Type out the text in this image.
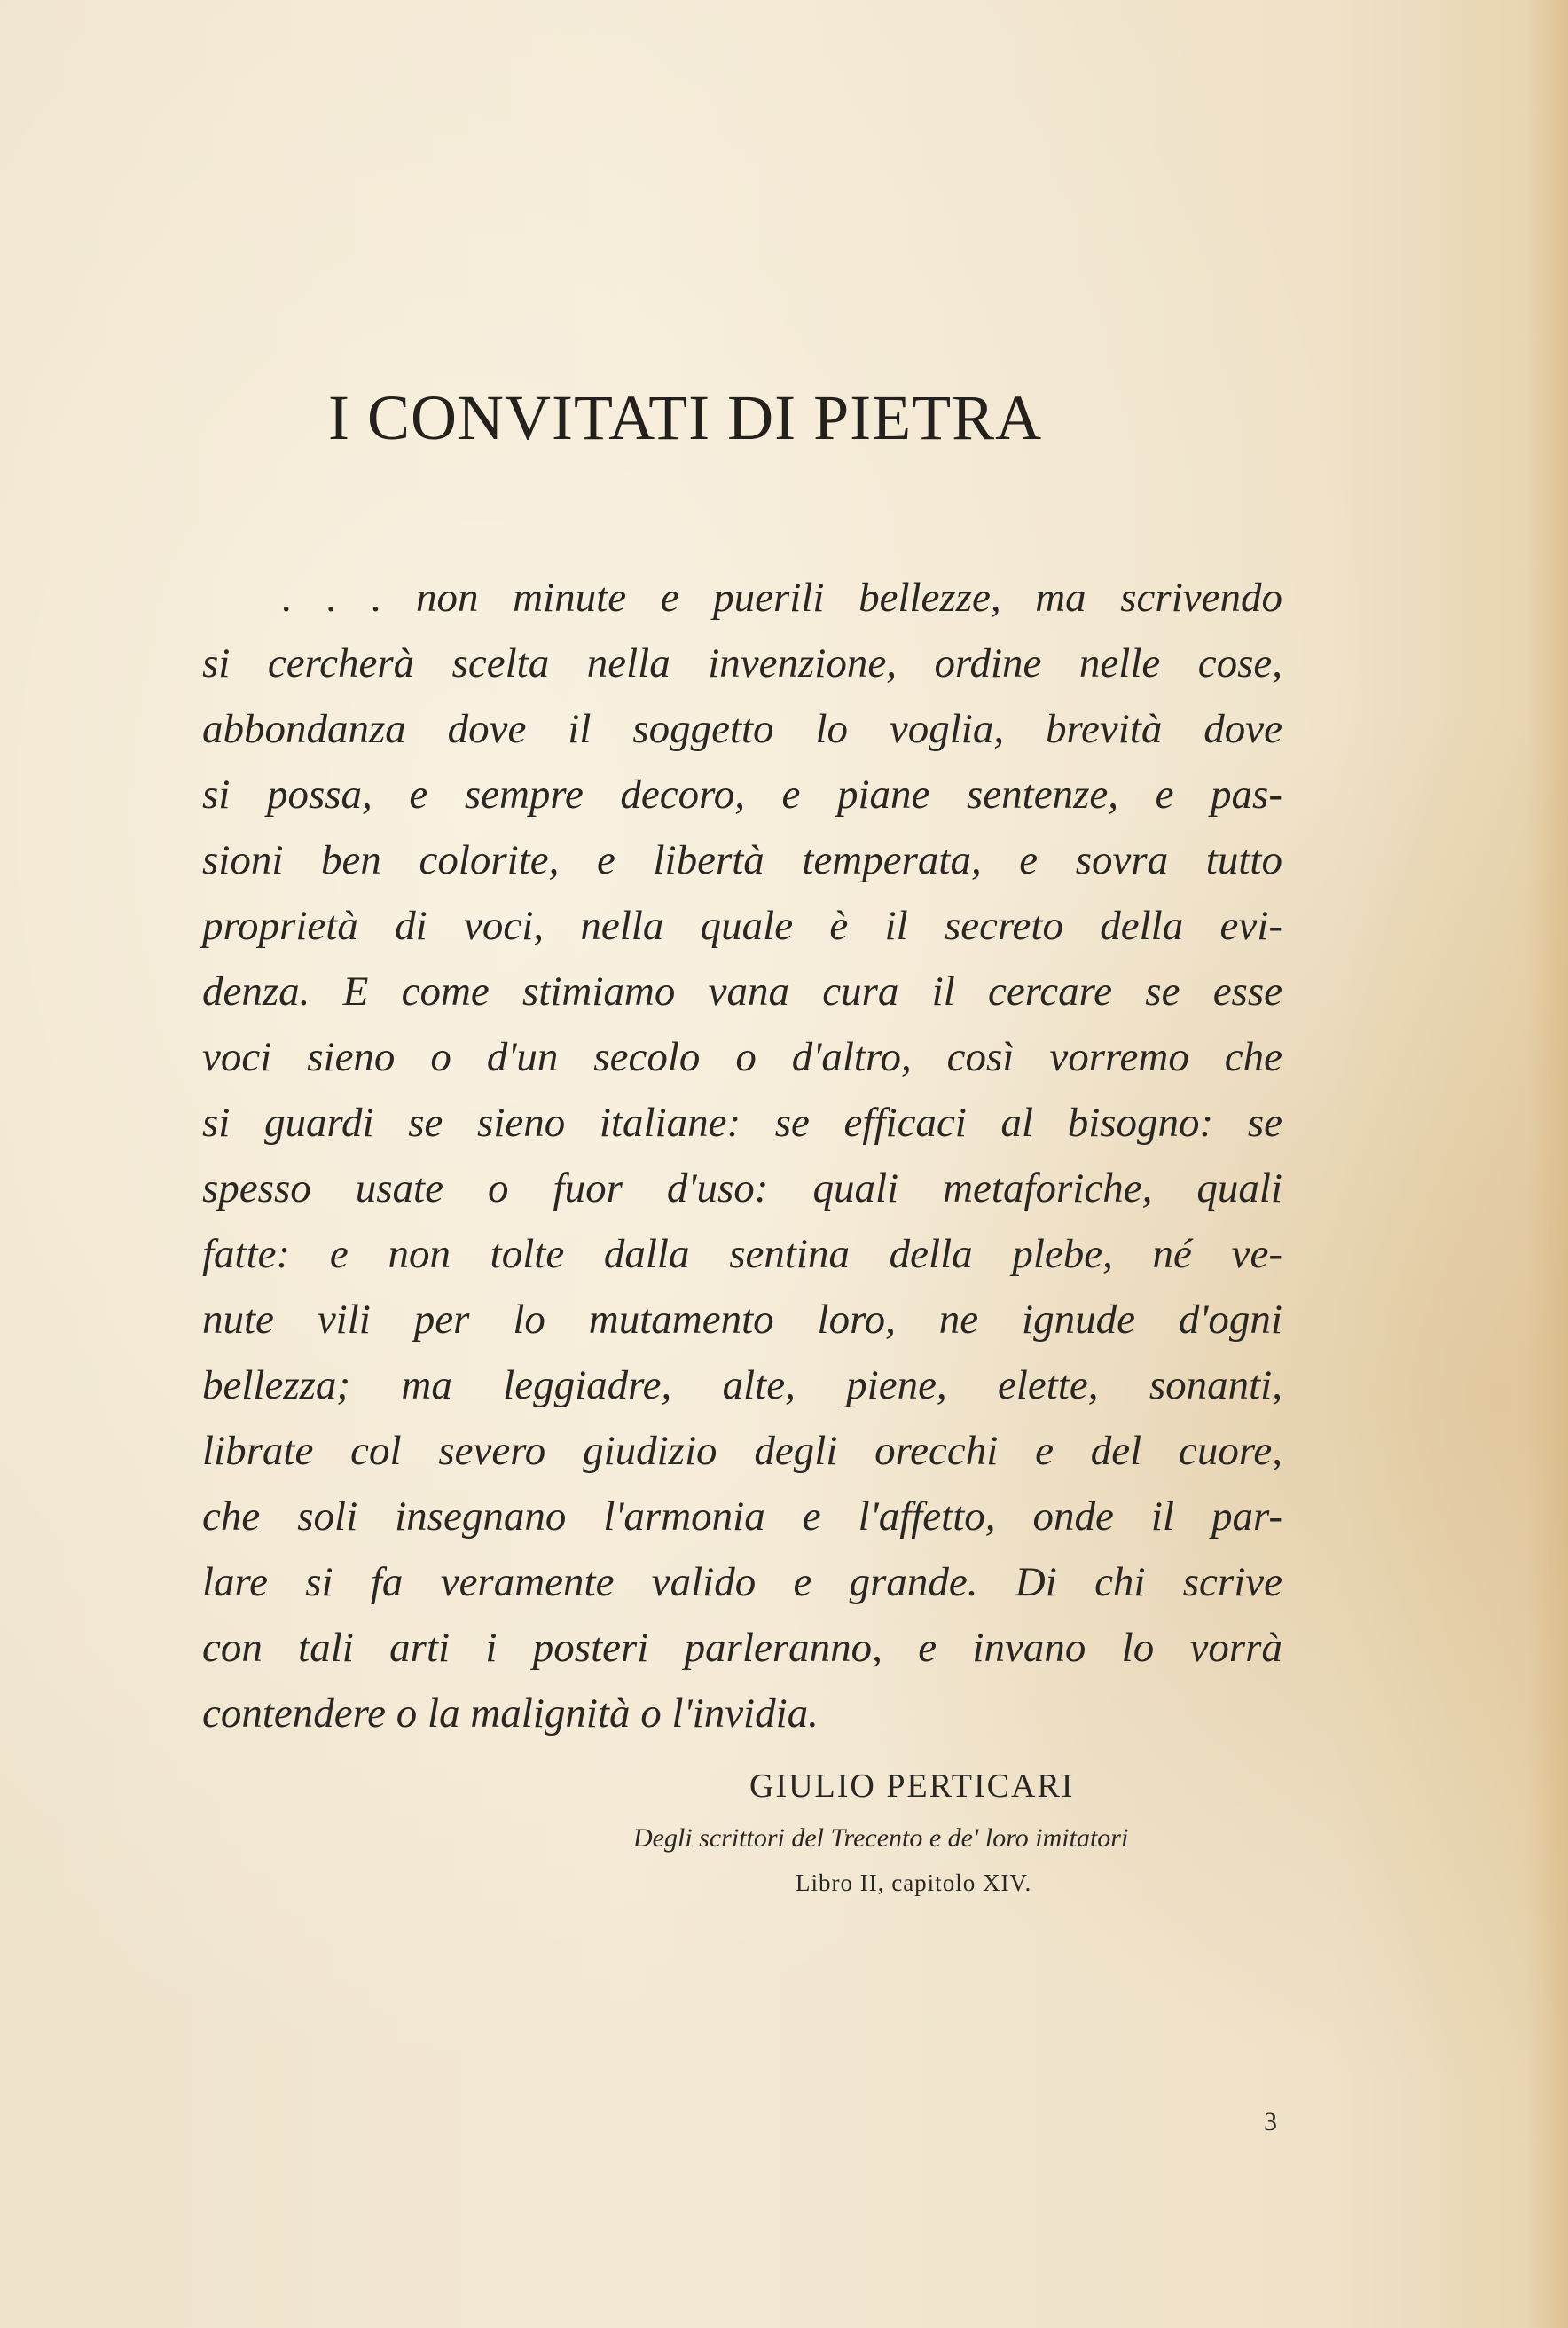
I CONVITATI DI PIETRA
. . . non minute e puerili bellezze, ma scrivendo
si cercherà scelta nella invenzione, ordine nelle cose,
abbondanza dove il soggetto lo voglia, brevità dove
si possa, e sempre decoro, e piane sentenze, e pas-
sioni ben colorite, e libertà temperata, e sovra tutto
proprietà di voci, nella quale è il secreto della evi-
denza. E come stimiamo vana cura il cercare se esse
voci sieno o d'un secolo o d'altro, così vorremo che
si guardi se sieno italiane: se efficaci al bisogno: se
spesso usate o fuor d'uso: quali metaforiche, quali
fatte: e non tolte dalla sentina della plebe, né ve-
nute vili per lo mutamento loro, ne ignude d'ogni
bellezza; ma leggiadre, alte, piene, elette, sonanti,
librate col severo giudizio degli orecchi e del cuore,
che soli insegnano l'armonia e l'affetto, onde il par-
lare si fa veramente valido e grande. Di chi scrive
con tali arti i posteri parleranno, e invano lo vorrà
contendere o la malignità o l'invidia.
GIULIO PERTICARI
Degli scrittori del Trecento e de' loro imitatori
Libro II, capitolo XIV.
3
